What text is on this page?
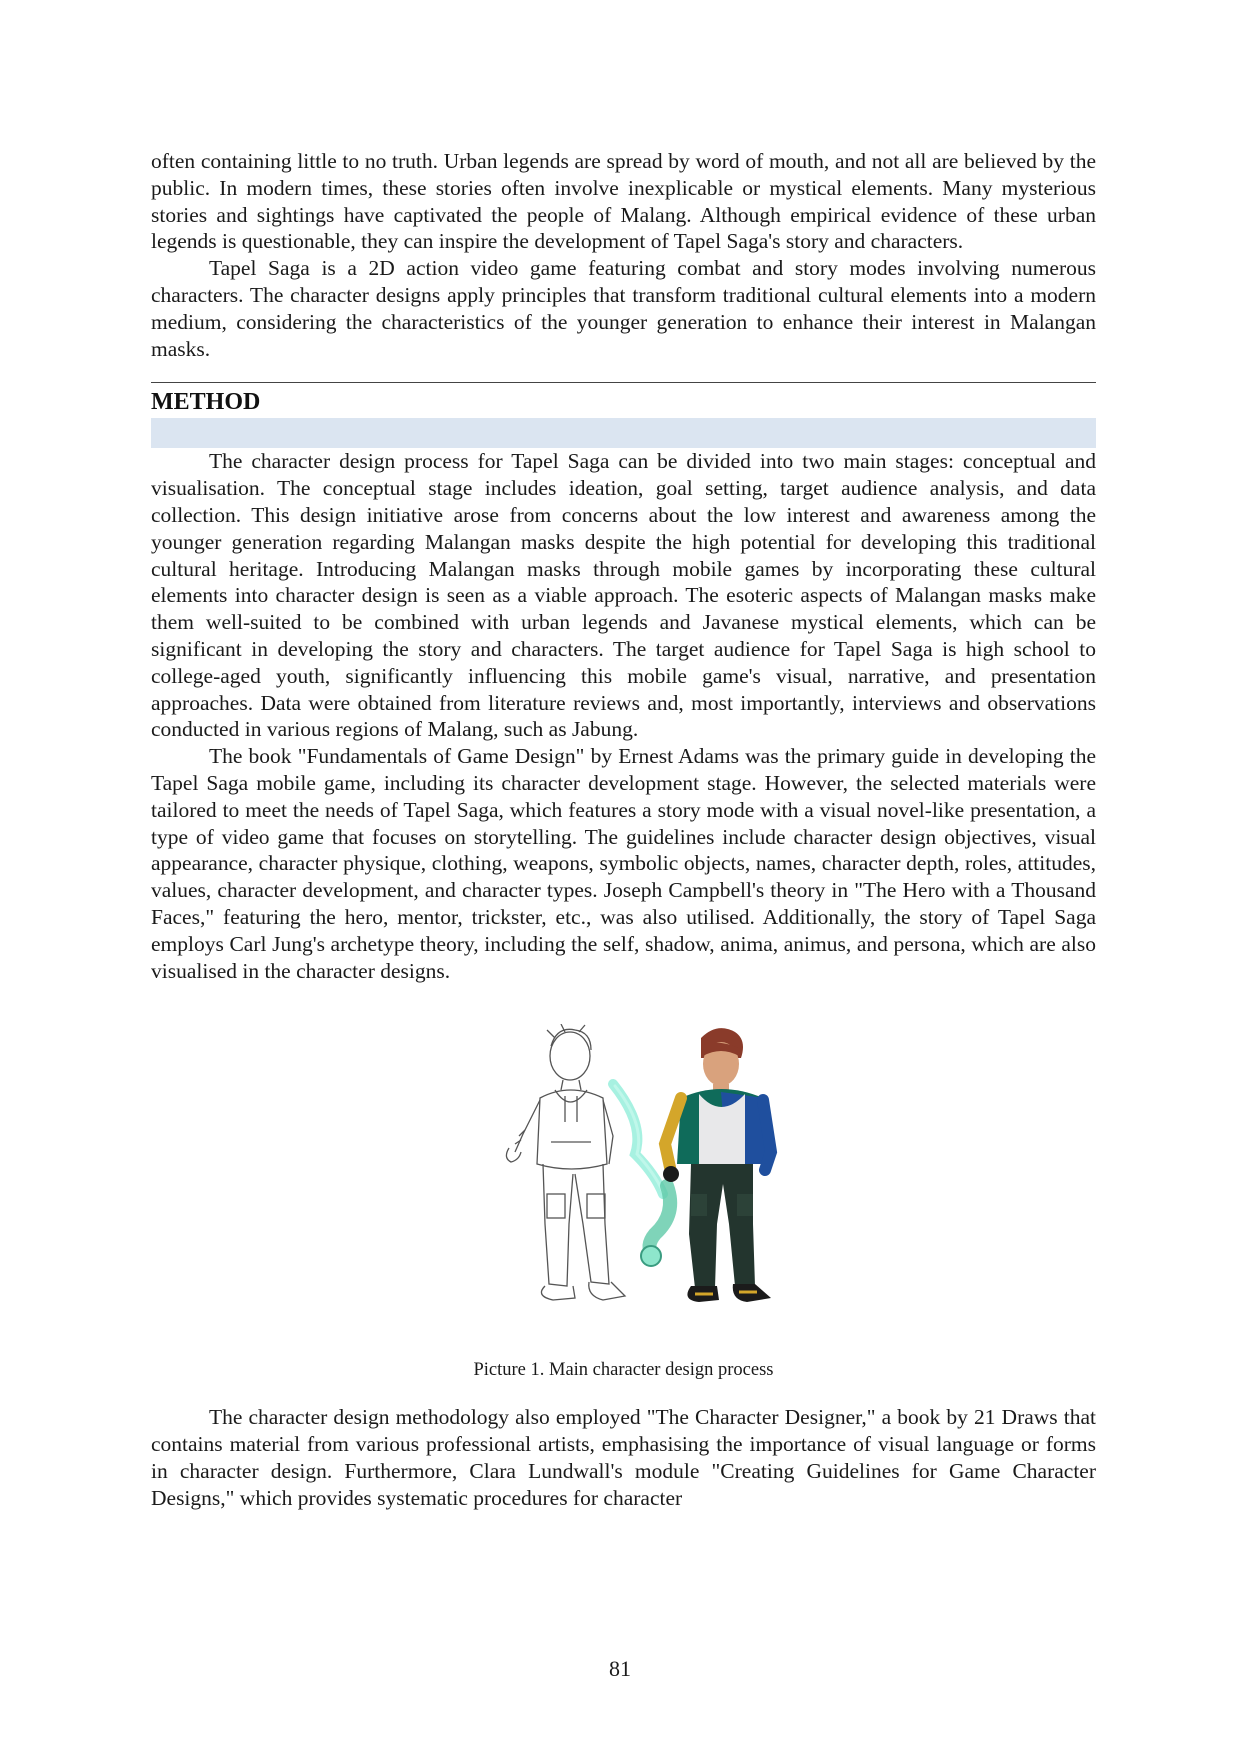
often containing little to no truth. Urban legends are spread by word of mouth, and not all are believed by the public. In modern times, these stories often involve inexplicable or mystical elements. Many mysterious stories and sightings have captivated the people of Malang. Although empirical evidence of these urban legends is questionable, they can inspire the development of Tapel Saga's story and characters.

Tapel Saga is a 2D action video game featuring combat and story modes involving numerous characters. The character designs apply principles that transform traditional cultural elements into a modern medium, considering the characteristics of the younger generation to enhance their interest in Malangan masks.

METHOD

The character design process for Tapel Saga can be divided into two main stages: conceptual and visualisation. The conceptual stage includes ideation, goal setting, target audience analysis, and data collection. This design initiative arose from concerns about the low interest and awareness among the younger generation regarding Malangan masks despite the high potential for developing this traditional cultural heritage. Introducing Malangan masks through mobile games by incorporating these cultural elements into character design is seen as a viable approach. The esoteric aspects of Malangan masks make them well-suited to be combined with urban legends and Javanese mystical elements, which can be significant in developing the story and characters. The target audience for Tapel Saga is high school to college-aged youth, significantly influencing this mobile game's visual, narrative, and presentation approaches. Data were obtained from literature reviews and, most importantly, interviews and observations conducted in various regions of Malang, such as Jabung.

The book "Fundamentals of Game Design" by Ernest Adams was the primary guide in developing the Tapel Saga mobile game, including its character development stage. However, the selected materials were tailored to meet the needs of Tapel Saga, which features a story mode with a visual novel-like presentation, a type of video game that focuses on storytelling. The guidelines include character design objectives, visual appearance, character physique, clothing, weapons, symbolic objects, names, character depth, roles, attitudes, values, character development, and character types. Joseph Campbell's theory in "The Hero with a Thousand Faces," featuring the hero, mentor, trickster, etc., was also utilised. Additionally, the story of Tapel Saga employs Carl Jung's archetype theory, including the self, shadow, anima, animus, and persona, which are also visualised in the character designs.

Picture 1. Main character design process

The character design methodology also employed "The Character Designer," a book by 21 Draws that contains material from various professional artists, emphasising the importance of visual language or forms in character design. Furthermore, Clara Lundwall's module "Creating Guidelines for Game Character Designs," which provides systematic procedures for character

81
